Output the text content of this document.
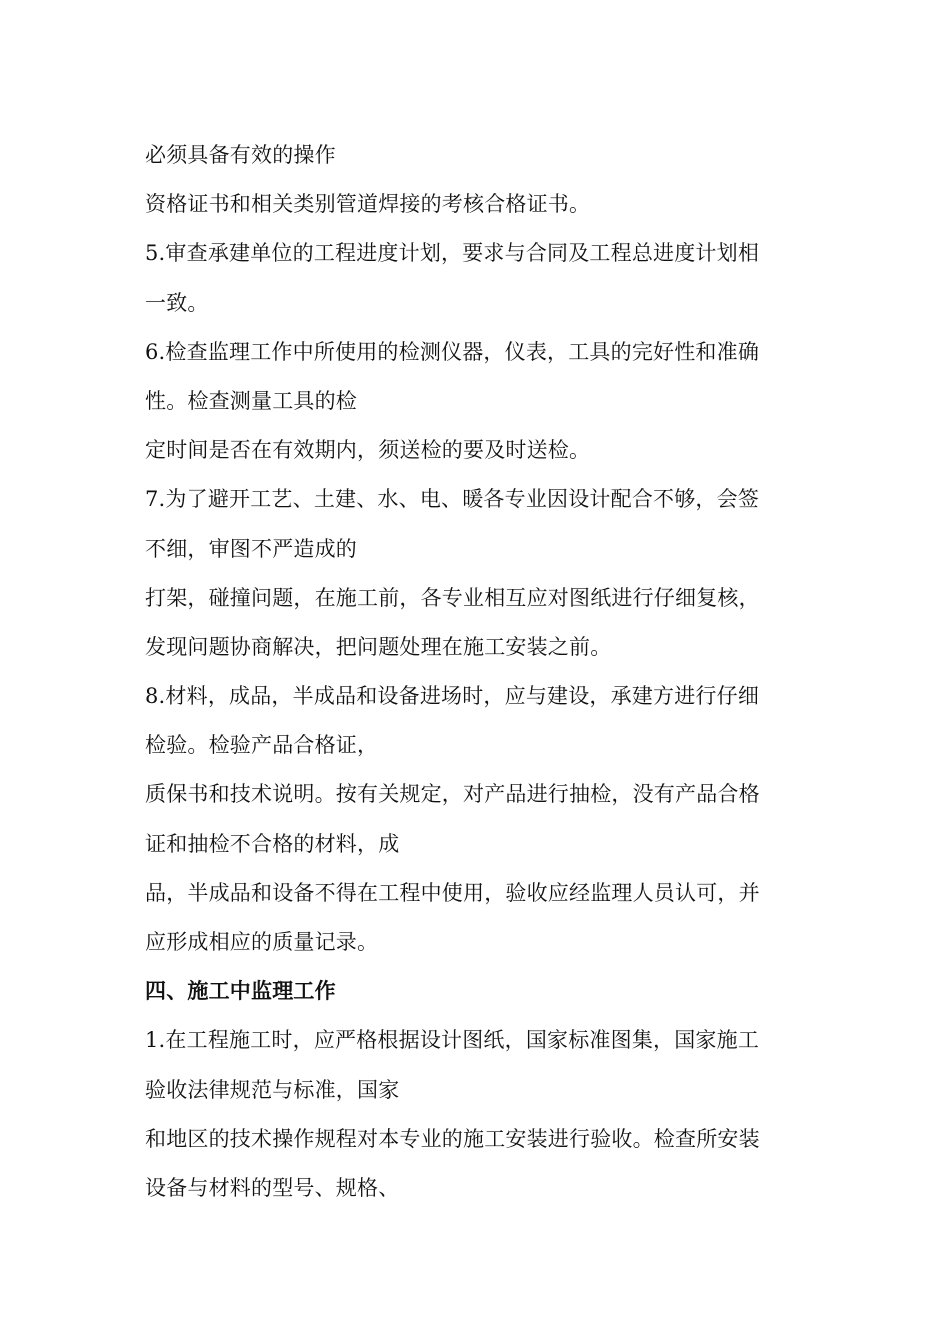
必须具备有效的操作
资格证书和相关类别管道焊接的考核合格证书。
5.审查承建单位的工程进度计划，要求与合同及工程总进度计划相
一致。
6.检查监理工作中所使用的检测仪器，仪表，工具的完好性和准确
性。检查测量工具的检
定时间是否在有效期内，须送检的要及时送检。
7.为了避开工艺、土建、水、电、暖各专业因设计配合不够，会签
不细，审图不严造成的
打架，碰撞问题，在施工前，各专业相互应对图纸进行仔细复核，
发现问题协商解决，把问题处理在施工安装之前。
8.材料，成品，半成品和设备进场时，应与建设，承建方进行仔细
检验。检验产品合格证，
质保书和技术说明。按有关规定，对产品进行抽检，没有产品合格
证和抽检不合格的材料，成
品，半成品和设备不得在工程中使用，验收应经监理人员认可，并
应形成相应的质量记录。
四、施工中监理工作
1.在工程施工时，应严格根据设计图纸，国家标准图集，国家施工
验收法律规范与标准，国家
和地区的技术操作规程对本专业的施工安装进行验收。检查所安装
设备与材料的型号、规格、
